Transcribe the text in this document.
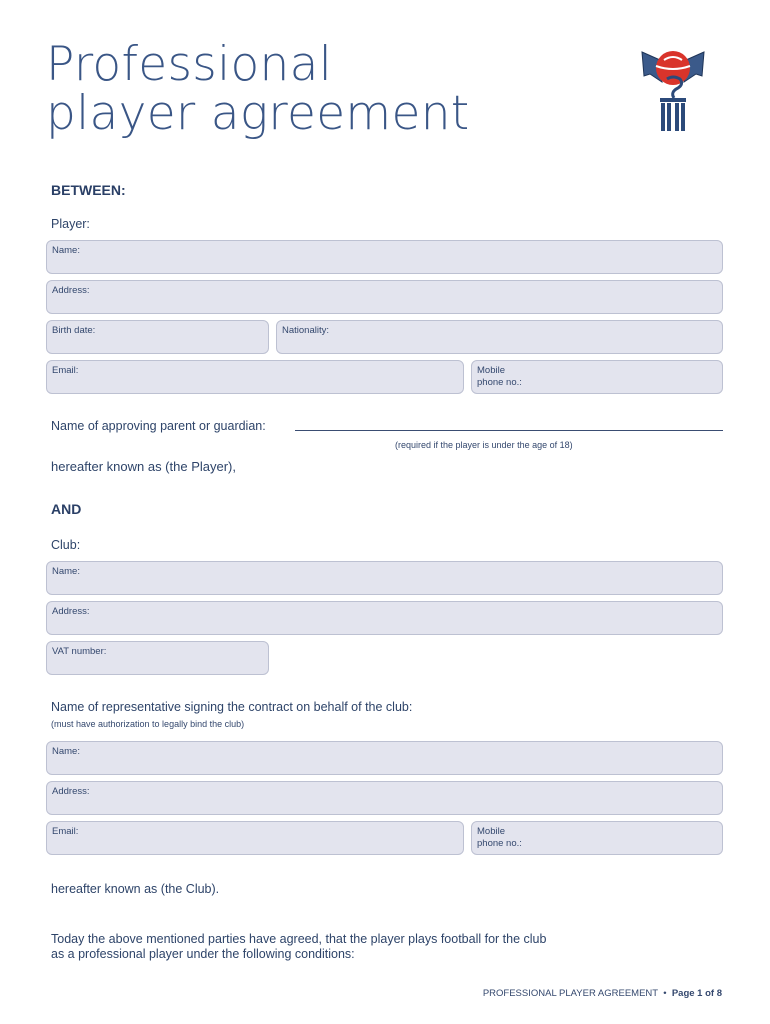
Professional
player agreement
BETWEEN:
Player:
Name:
Address:
Birth date:	Nationality:
Email:	Mobile
phone no.:
Name of approving parent or guardian:
(required if the player is under the age of 18)
hereafter known as (the Player),
AND
Club:
Name:
Address:
VAT number:
Name of representative signing the contract on behalf of the club:
(must have authorization to legally bind the club)
Name:
Address:
Email:	Mobile
phone no.:
hereafter known as (the Club).
Today the above mentioned parties have agreed, that the player plays football for the club
as a professional player under the following conditions:
PROFESSIONAL PLAYER AGREEMENT • Page 1 of 8
